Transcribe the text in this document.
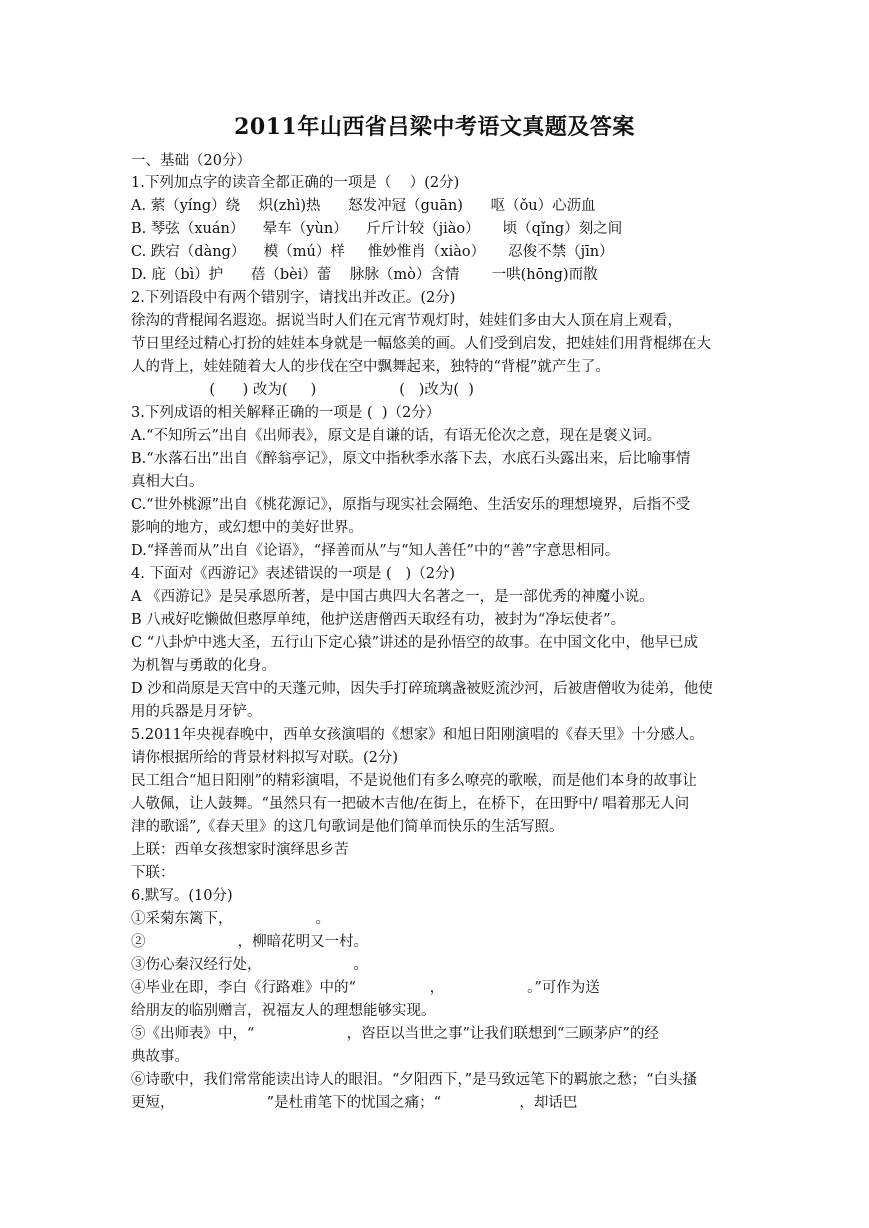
2011年山西省吕梁中考语文真题及答案
一、基础（20分）
1.下列加点字的读音全都正确的一项是（    ）(2分)
A. 萦（yíng）绕    炽(zhì)热      怒发冲冠（guān)      呕（ǒu）心沥血
B. 琴弦（xuán）    晕车（yùn）    斤斤计较（jiào）     顷（qǐng）刻之间
C. 跌宕（dàng）    模（mú）样     惟妙惟肖（xiào）     忍俊不禁（jīn）
D. 庇（bì）护      蓓（bèi）蕾    脉脉（mò）含情       一哄(hōng)而散
2.下列语段中有两个错别字，请找出并改正。(2分)
徐沟的背棍闻名遐迩。据说当时人们在元宵节观灯时，娃娃们多由大人顶在肩上观看，
节日里经过精心打扮的娃娃本身就是一幅悠美的画。人们受到启发，把娃娃们用背棍绑在大
人的背上，娃娃随着大人的步伐在空中飘舞起来，独特的“背棍”就产生了。
(      ) 改为(     )                  (   )改为(  )
3.下列成语的相关解释正确的一项是 (  )（2分）
A.“不知所云”出自《出师表》，原文是自谦的话，有语无伦次之意，现在是褒义词。
B.“水落石出”出自《醉翁亭记》，原文中指秋季水落下去，水底石头露出来，后比喻事情
真相大白。
C.“世外桃源”出自《桃花源记》，原指与现实社会隔绝、生活安乐的理想境界，后指不受
影响的地方，或幻想中的美好世界。
D.“择善而从”出自《论语》，“择善而从”与“知人善任”中的“善”字意思相同。
4. 下面对《西游记》表述错误的一项是 (   )（2分)
A 《西游记》是吴承恩所著，是中国古典四大名著之一，是一部优秀的神魔小说。
B 八戒好吃懒做但憨厚单纯，他护送唐僧西天取经有功，被封为“净坛使者”。
C “八卦炉中逃大圣，五行山下定心猿”讲述的是孙悟空的故事。在中国文化中，他早已成
为机智与勇敢的化身。
D 沙和尚原是天宫中的天蓬元帅，因失手打碎琉璃盏被贬流沙河，后被唐僧收为徒弟，他使
用的兵器是月牙铲。
5.2011年央视春晚中，西单女孩演唱的《想家》和旭日阳刚演唱的《春天里》十分感人。
请你根据所给的背景材料拟写对联。(2分)
民工组合“旭日阳刚”的精彩演唱，不是说他们有多么嘹亮的歌喉，而是他们本身的故事让
人敬佩，让人鼓舞。“虽然只有一把破木吉他/在街上，在桥下，在田野中/ 唱着那无人问
津的歌谣”,《春天里》的这几句歌词是他们简单而快乐的生活写照。
上联：西单女孩想家时演绎思乡苦
下联：
6.默写。(10分)
①采菊东篱下，                  。
②                    ，柳暗花明又一村。
③伤心秦汉经行处，                    。
④毕业在即，李白《行路难》中的“                ，                  。”可作为送
给朋友的临别赠言，祝福友人的理想能够实现。
⑤《出师表》中，“                    ，咨臣以当世之事”让我们联想到“三顾茅庐”的经
典故事。
⑥诗歌中，我们常常能读出诗人的眼泪。“夕阳西下，”是马致远笔下的羁旅之愁；“白头搔
更短，                    ”是杜甫笔下的忧国之痛；“                 ，却话巴
